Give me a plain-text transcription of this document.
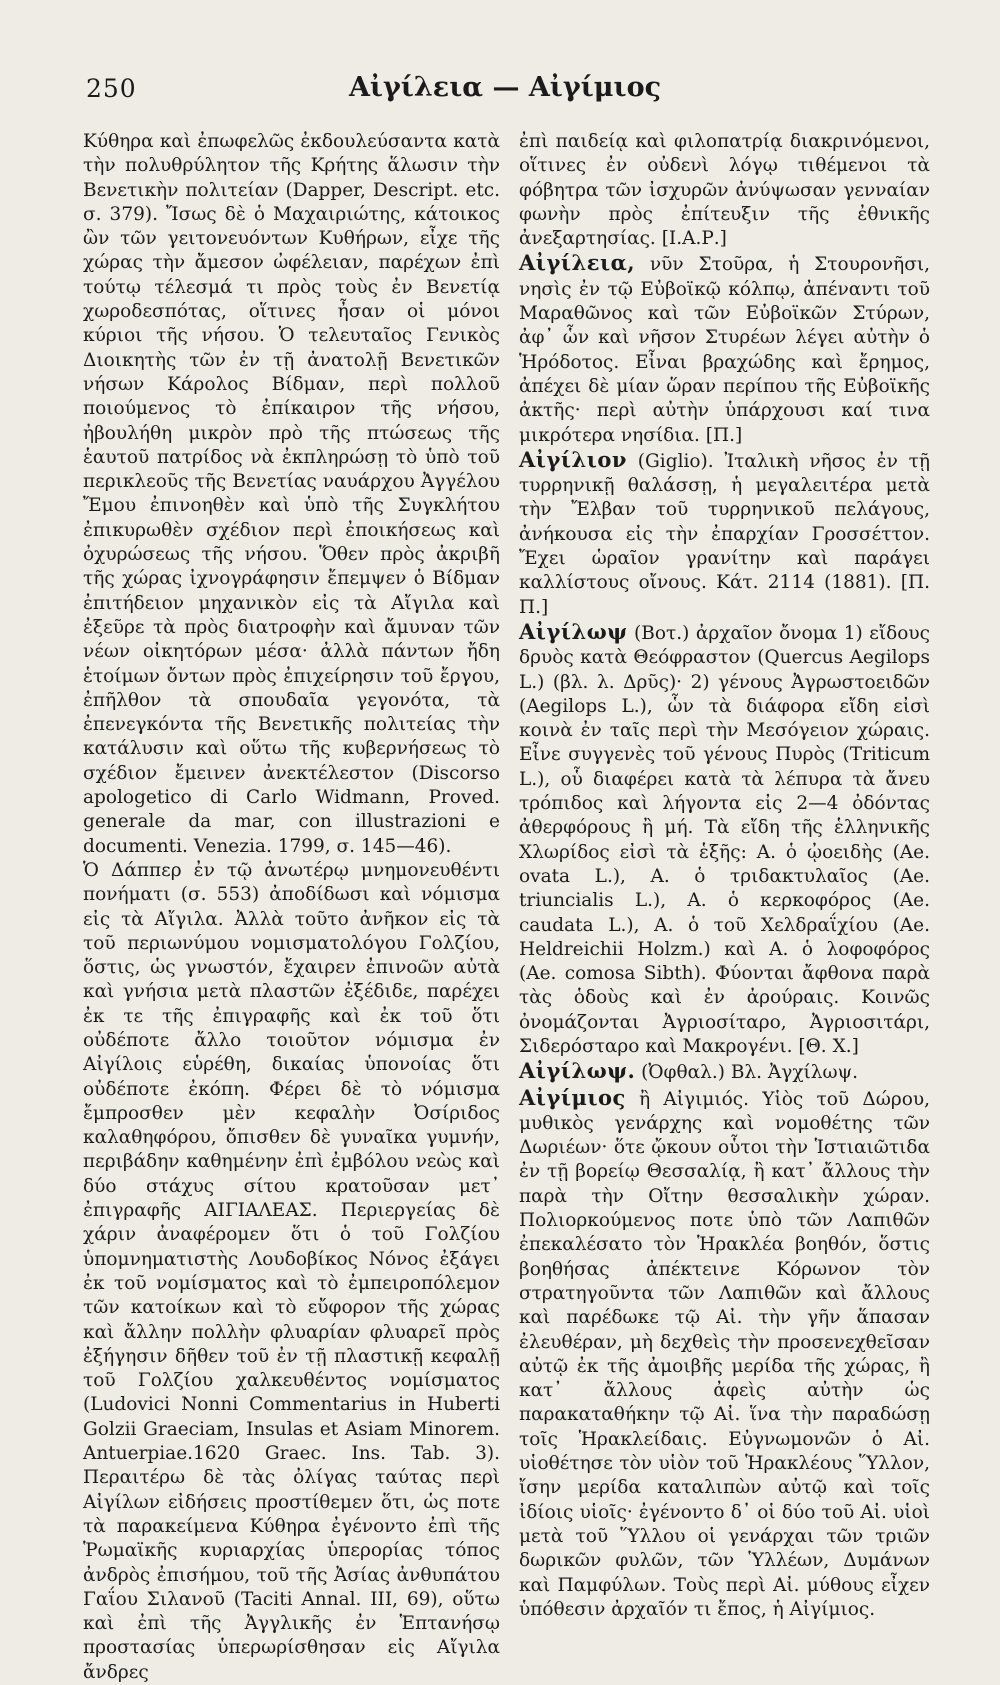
250	Αἰγίλεια — Αἰγίμιος

Κύθηρα καὶ ἐπωφελῶς ἐκδουλεύσαντα κατὰ τὴν πολυθρύλητον τῆς Κρήτης ἅλωσιν τὴν Βενετικὴν πολιτείαν (Dapper, Descript. etc. σ. 379). Ἴσως δὲ ὁ Μαχαιριώτης, κάτοικος ὢν τῶν γειτονευόντων Κυθήρων, εἶχε τῆς χώρας τὴν ἄμεσον ὠφέλειαν, παρέχων ἐπὶ τούτῳ τέλεσμά τι πρὸς τοὺς ἐν Βενετίᾳ χωροδεσπότας, οἵτινες ἦσαν οἱ μόνοι κύριοι τῆς νήσου. Ὁ τελευταῖος Γενικὸς Διοικητὴς τῶν ἐν τῇ ἀνατολῇ Βενετικῶν νήσων Κάρολος Βίδμαν, περὶ πολλοῦ ποιούμενος τὸ ἐπίκαιρον τῆς νήσου, ἠβουλήθη μικρὸν πρὸ τῆς πτώσεως τῆς ἑαυτοῦ πατρίδος νὰ ἐκπληρώσῃ τὸ ὑπὸ τοῦ περικλεοῦς τῆς Βενετίας ναυάρχου Ἀγγέλου Ἔμου ἐπινοηθὲν καὶ ὑπὸ τῆς Συγκλήτου ἐπικυρωθὲν σχέδιον περὶ ἐποικήσεως καὶ ὀχυρώσεως τῆς νήσου. Ὅθεν πρὸς ἀκριβῆ τῆς χώρας ἰχνογράφησιν ἔπεμψεν ὁ Βίδμαν ἐπιτήδειον μηχανικὸν εἰς τὰ Αἴγιλα καὶ ἐξεῦρε τὰ πρὸς διατροφὴν καὶ ἄμυναν τῶν νέων οἰκητόρων μέσα· ἀλλὰ πάντων ἤδη ἑτοίμων ὄντων πρὸς ἐπιχείρησιν τοῦ ἔργου, ἐπῆλθον τὰ σπουδαῖα γεγονότα, τὰ ἐπενεγκόντα τῆς Βενετικῆς πολιτείας τὴν κατάλυσιν καὶ οὕτω τῆς κυβερνήσεως τὸ σχέδιον ἔμεινεν ἀνεκτέλεστον (Discorso apologetico di Carlo Widmann, Proved. generale da mar, con illustrazioni e documenti. Venezia. 1799, σ. 145—46).

Ὁ Δάππερ ἐν τῷ ἀνωτέρῳ μνημονευθέντι πονήματι (σ. 553) ἀποδίδωσι καὶ νόμισμα εἰς τὰ Αἴγιλα. Ἀλλὰ τοῦτο ἀνῆκον εἰς τὰ τοῦ περιωνύμου νομισματολόγου Γολζίου, ὅστις, ὡς γνωστόν, ἔχαιρεν ἐπινοῶν αὐτὰ καὶ γνήσια μετὰ πλαστῶν ἐξέδιδε, παρέχει ἐκ τε τῆς ἐπιγραφῆς καὶ ἐκ τοῦ ὅτι οὐδέποτε ἄλλο τοιοῦτον νόμισμα ἐν Αἰγίλοις εὑρέθη, δικαίας ὑπονοίας ὅτι οὐδέποτε ἐκόπη. Φέρει δὲ τὸ νόμισμα ἔμπροσθεν μὲν κεφαλὴν Ὀσίριδος καλαθηφόρου, ὄπισθεν δὲ γυναῖκα γυμνήν, περιβάδην καθημένην ἐπὶ ἐμβόλου νεὼς καὶ δύο στάχυς σίτου κρατοῦσαν μετ᾽ ἐπιγραφῆς ΑΙΓΙΑΛΕΑΣ. Περιεργείας δὲ χάριν ἀναφέρομεν ὅτι ὁ τοῦ Γολζίου ὑπομνηματιστὴς Λουδοβίκος Νόνος ἐξάγει ἐκ τοῦ νομίσματος καὶ τὸ ἐμπειροπόλεμον τῶν κατοίκων καὶ τὸ εὔφορον τῆς χώρας καὶ ἄλλην πολλὴν φλυαρίαν φλυαρεῖ πρὸς ἐξήγησιν δῆθεν τοῦ ἐν τῇ πλαστικῇ κεφαλῇ τοῦ Γολζίου χαλκευθέντος νομίσματος (Ludovici Nonni Commentarius in Huberti Golzii Graeciam, Insulas et Asiam Minorem. Antuerpiae.1620 Graec. Ins. Tab. 3). Περαιτέρω δὲ τὰς ὀλίγας ταύτας περὶ Αἰγίλων εἰδήσεις προστίθεμεν ὅτι, ὡς ποτε τὰ παρακείμενα Κύθηρα ἐγένοντο ἐπὶ τῆς Ῥωμαϊκῆς κυριαρχίας ὑπερορίας τόπος ἀνδρὸς ἐπισήμου, τοῦ τῆς Ἀσίας ἀνθυπάτου Γαΐου Σιλανοῦ (Taciti Annal. III, 69), οὕτω καὶ ἐπὶ τῆς Ἀγγλικῆς ἐν Ἑπτανήσῳ προστασίας ὑπερωρίσθησαν εἰς Αἴγιλα ἄνδρες

ἐπὶ παιδείᾳ καὶ φιλοπατρίᾳ διακρινόμενοι, οἵτινες ἐν οὐδενὶ λόγῳ τιθέμενοι τὰ φόβητρα τῶν ἰσχυρῶν ἀνύψωσαν γενναίαν φωνὴν πρὸς ἐπίτευξιν τῆς ἐθνικῆς ἀνεξαρτησίας. [Ι.Α.Ρ.]

Αἰγίλεια, νῦν Στοῦρα, ἡ Στουρονῆσι, νησὶς ἐν τῷ Εὐβοϊκῷ κόλπῳ, ἀπέναντι τοῦ Μαραθῶνος καὶ τῶν Εὐβοϊκῶν Στύρων, ἀφ᾽ ὧν καὶ νῆσον Στυρέων λέγει αὐτὴν ὁ Ἡρόδοτος. Εἶναι βραχώδης καὶ ἔρημος, ἀπέχει δὲ μίαν ὥραν περίπου τῆς Εὐβοϊκῆς ἀκτῆς· περὶ αὐτὴν ὑπάρχουσι καί τινα μικρότερα νησίδια. [Π.]

Αἰγίλιον (Giglio). Ἰταλικὴ νῆσος ἐν τῇ τυρρηνικῇ θαλάσσῃ, ἡ μεγαλειτέρα μετὰ τὴν Ἔλβαν τοῦ τυρρηνικοῦ πελάγους, ἀνήκουσα εἰς τὴν ἐπαρχίαν Γροσσέττον. Ἔχει ὡραῖον γρανίτην καὶ παράγει καλλίστους οἴνους. Κάτ. 2114 (1881). [Π. Π.]

Αἰγίλωψ (Βοτ.) ἀρχαῖον ὄνομα 1) εἴδους δρυὸς κατὰ Θεόφραστον (Quercus Aegilops L.) (βλ. λ. Δρῦς)· 2) γένους Ἀγρωστοειδῶν (Aegilops L.), ὧν τὰ διάφορα εἴδη εἰσὶ κοινὰ ἐν ταῖς περὶ τὴν Μεσόγειον χώραις. Εἶνε συγγενὲς τοῦ γένους Πυρὸς (Triticum L.), οὗ διαφέρει κατὰ τὰ λέπυρα τὰ ἄνευ τρόπιδος καὶ λήγοντα εἰς 2—4 ὀδόντας ἀθερφόρους ἢ μή. Τὰ εἴδη τῆς ἑλληνικῆς Χλωρίδος εἰσὶ τὰ ἑξῆς: Α. ὁ ᾠοειδὴς (Ae. ovata L.), Α. ὁ τριδακτυλαῖος (Ae. triuncialis L.), Α. ὁ κερκοφόρος (Ae. caudata L.), Α. ὁ τοῦ Χελδραΐχίου (Ae. Heldreichii Holzm.) καὶ Α. ὁ λοφοφόρος (Ae. comosa Sibth). Φύονται ἄφθονα παρὰ τὰς ὁδοὺς καὶ ἐν ἀρούραις. Κοινῶς ὀνομάζονται Ἀγριοσίταρο, Ἀγριοσιτάρι, Σιδερόσταρο καὶ Μακρογένι. [Θ. Χ.]

Αἰγίλωψ. (Ὀφθαλ.) Βλ. Ἀγχίλωψ.

Αἰγίμιος ἢ Αἰγιμιός. Υἱὸς τοῦ Δώρου, μυθικὸς γενάρχης καὶ νομοθέτης τῶν Δωριέων· ὅτε ᾤκουν οὗτοι τὴν Ἱστιαιῶτιδα ἐν τῇ βορείῳ Θεσσαλίᾳ, ἢ κατ᾽ ἄλλους τὴν παρὰ τὴν Οἴτην θεσσαλικὴν χώραν. Πολιορκούμενος ποτε ὑπὸ τῶν Λαπιθῶν ἐπεκαλέσατο τὸν Ἡρακλέα βοηθόν, ὅστις βοηθήσας ἀπέκτεινε Κόρωνον τὸν στρατηγοῦντα τῶν Λαπιθῶν καὶ ἄλλους καὶ παρέδωκε τῷ Αἰ. τὴν γῆν ἅπασαν ἐλευθέραν, μὴ δεχθεὶς τὴν προσενεχθεῖσαν αὐτῷ ἐκ τῆς ἀμοιβῆς μερίδα τῆς χώρας, ἢ κατ᾽ ἄλλους ἀφεὶς αὐτὴν ὡς παρακαταθήκην τῷ Αἰ. ἵνα τὴν παραδώσῃ τοῖς Ἡρακλείδαις. Εὐγνωμονῶν ὁ Αἰ. υἱοθέτησε τὸν υἱὸν τοῦ Ἡρακλέους Ὕλλον, ἴσην μερίδα καταλιπὼν αὐτῷ καὶ τοῖς ἰδίοις υἱοῖς· ἐγένοντο δ᾽ οἱ δύο τοῦ Αἰ. υἱοὶ μετὰ τοῦ Ὕλλου οἱ γενάρχαι τῶν τριῶν δωρικῶν φυλῶν, τῶν Ὑλλέων, Δυμάνων καὶ Παμφύλων. Τοὺς περὶ Αἰ. μύθους εἶχεν ὑπόθεσιν ἀρχαῖόν τι ἔπος, ἡ Αἰγίμιος.
